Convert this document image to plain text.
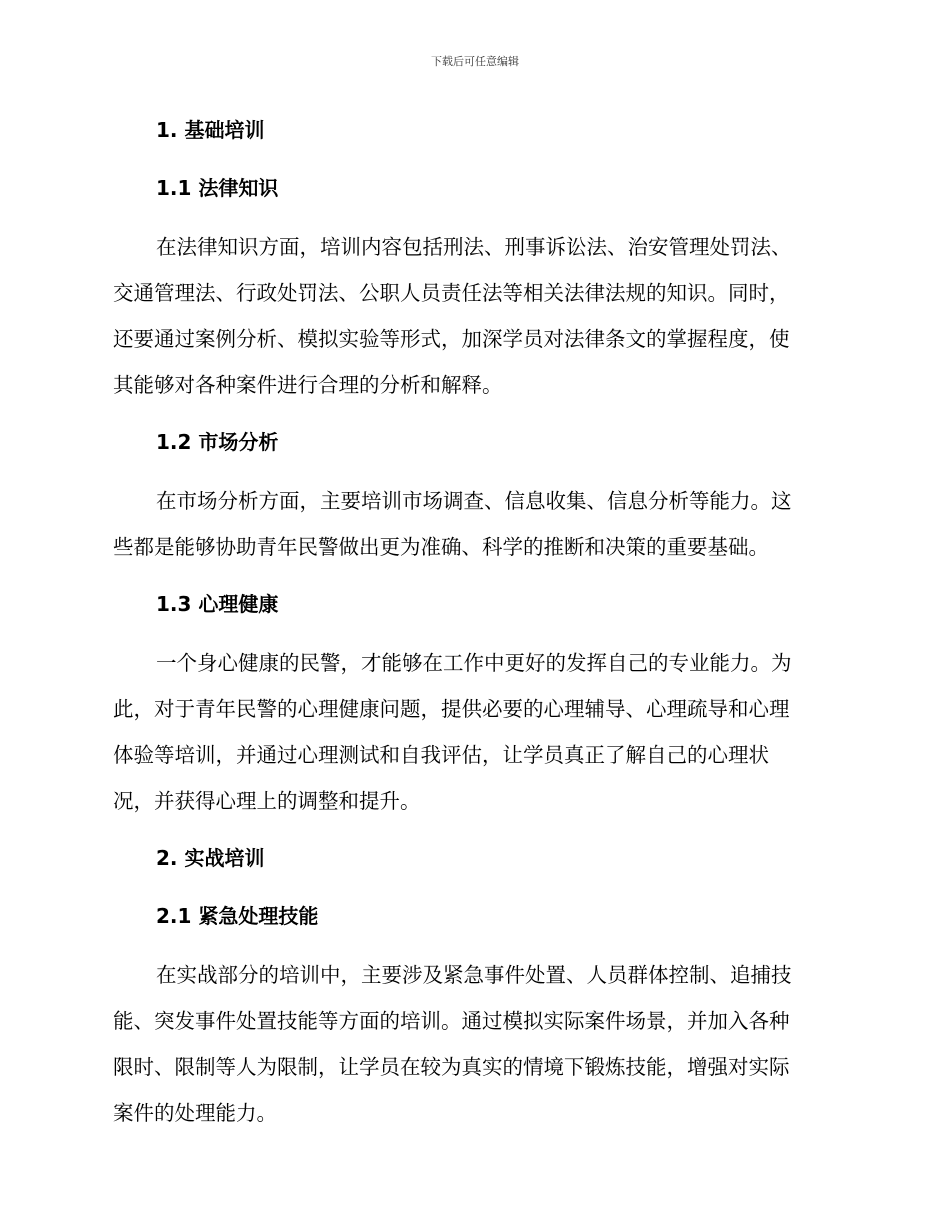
下载后可任意编辑
1. 基础培训
1.1 法律知识

在法律知识方面，培训内容包括刑法、刑事诉讼法、治安管理处罚法、
交通管理法、行政处罚法、公职人员责任法等相关法律法规的知识。同时，
还要通过案例分析、模拟实验等形式，加深学员对法律条文的掌握程度，使
其能够对各种案件进行合理的分析和解释。

1.2 市场分析

在市场分析方面，主要培训市场调查、信息收集、信息分析等能力。这
些都是能够协助青年民警做出更为准确、科学的推断和决策的重要基础。

1.3 心理健康

一个身心健康的民警，才能够在工作中更好的发挥自己的专业能力。为
此，对于青年民警的心理健康问题，提供必要的心理辅导、心理疏导和心理
体验等培训，并通过心理测试和自我评估，让学员真正了解自己的心理状
况，并获得心理上的调整和提升。

2. 实战培训
2.1 紧急处理技能

在实战部分的培训中，主要涉及紧急事件处置、人员群体控制、追捕技
能、突发事件处置技能等方面的培训。通过模拟实际案件场景，并加入各种
限时、限制等人为限制，让学员在较为真实的情境下锻炼技能，增强对实际
案件的处理能力。
